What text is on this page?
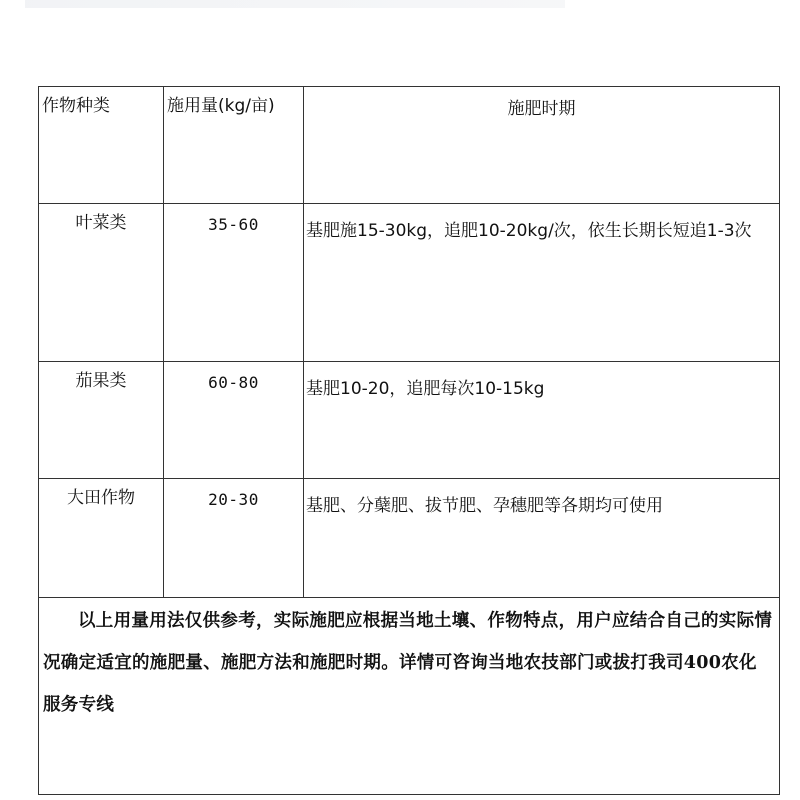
作物种类	施用量(kg/亩)	施肥时期

叶菜类	35-60	基肥施15-30kg，追肥10-20kg/次，依生长期长短追1-3次

茄果类	60-80	基肥10-20，追肥每次10-15kg

大田作物	20-30	基肥、分蘖肥、拔节肥、孕穗肥等各期均可使用

以上用量用法仅供参考，实际施肥应根据当地土壤、作物特点，用户应结合自己的实际情况确定适宜的施肥量、施肥方法和施肥时期。详情可咨询当地农技部门或拔打我司400农化服务专线		
